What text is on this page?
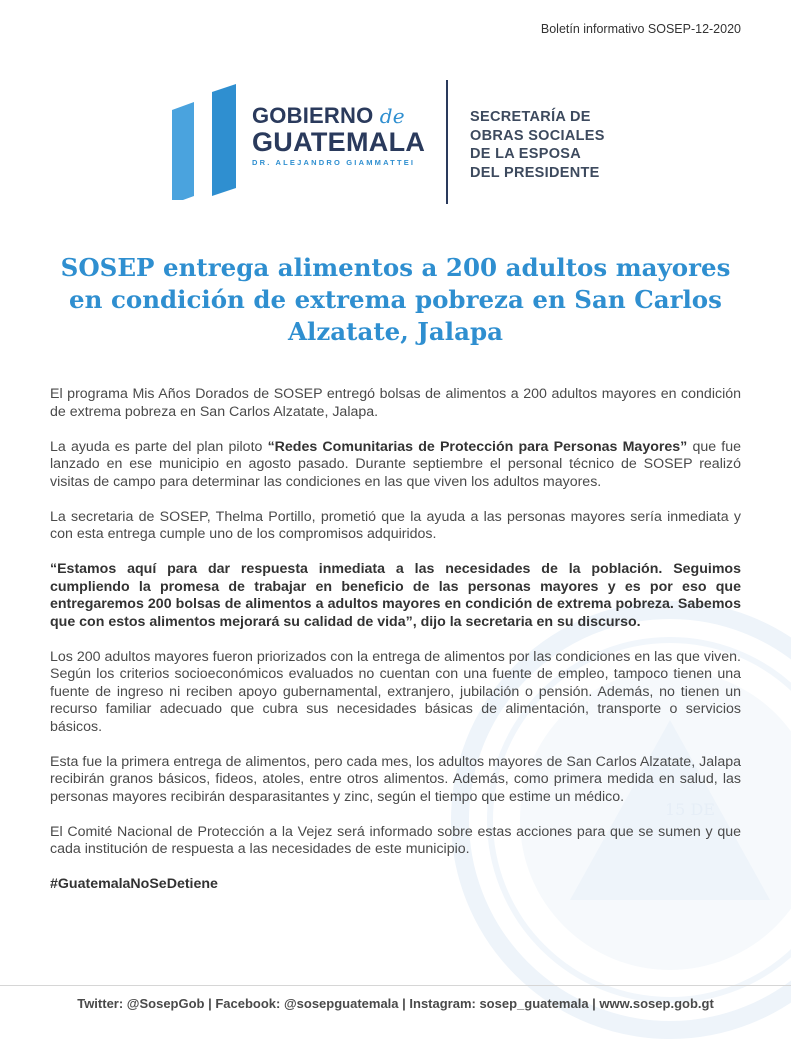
15 DE
Boletín informativo SOSEP-12-2020
GOBIERNO de
GUATEMALA
DR. ALEJANDRO GIAMMATTEI
SECRETARÍA DE
OBRAS SOCIALES
DE LA ESPOSA
DEL PRESIDENTE
SOSEP entrega alimentos a 200 adultos mayores en condición de extrema pobreza en San Carlos Alzatate, Jalapa

El programa Mis Años Dorados de SOSEP entregó bolsas de alimentos a 200 adultos mayores en condición de extrema pobreza en San Carlos Alzatate, Jalapa.

La ayuda es parte del plan piloto “Redes Comunitarias de Protección para Personas Mayores” que fue lanzado en ese municipio en agosto pasado. Durante septiembre el personal técnico de SOSEP realizó visitas de campo para determinar las condiciones en las que viven los adultos mayores.

La secretaria de SOSEP, Thelma Portillo, prometió que la ayuda a las personas mayores sería inmediata y con esta entrega cumple uno de los compromisos adquiridos.

“Estamos aquí para dar respuesta inmediata a las necesidades de la población. Seguimos cumpliendo la promesa de trabajar en beneficio de las personas mayores y es por eso que entregaremos 200 bolsas de alimentos a adultos mayores en condición de extrema pobreza. Sabemos que con estos alimentos mejorará su calidad de vida”, dijo la secretaria en su discurso.

Los 200 adultos mayores fueron priorizados con la entrega de alimentos por las condiciones en las que viven. Según los criterios socioeconómicos evaluados no cuentan con una fuente de empleo, tampoco tienen una fuente de ingreso ni reciben apoyo gubernamental, extranjero, jubilación o pensión. Además, no tienen un recurso familiar adecuado que cubra sus necesidades básicas de alimentación, transporte o servicios básicos.

Esta fue la primera entrega de alimentos, pero cada mes, los adultos mayores de San Carlos Alzatate, Jalapa recibirán granos básicos, fideos, atoles, entre otros alimentos. Además, como primera medida en salud, las personas mayores recibirán desparasitantes y zinc, según el tiempo que estime un médico.

El Comité Nacional de Protección a la Vejez será informado sobre estas acciones para que se sumen y que cada institución de respuesta a las necesidades de este municipio.

#GuatemalaNoSeDetiene

Twitter: @SosepGob | Facebook: @sosepguatemala | Instagram: sosep_guatemala | www.sosep.gob.gt
